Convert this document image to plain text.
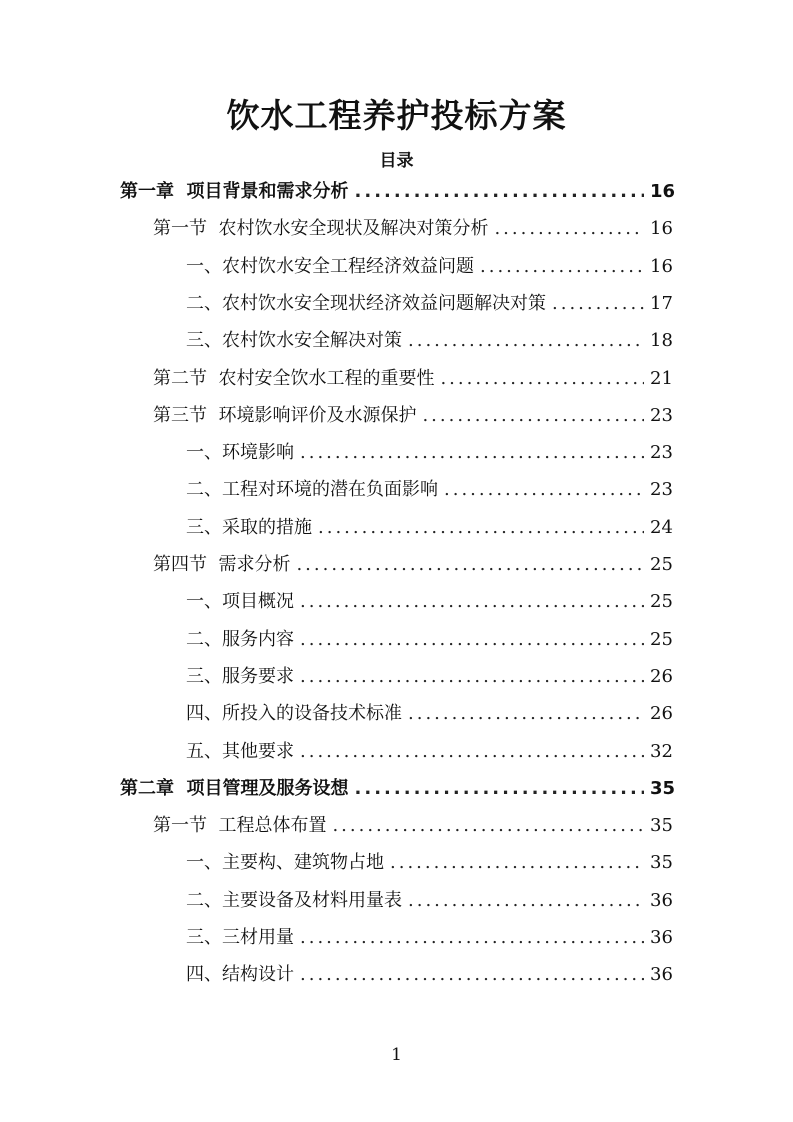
饮水工程养护投标方案
目录
第一章  项目背景和需求分析 .....	16
第一节  农村饮水安全现状及解决对策分析 .....	16
一、农村饮水安全工程经济效益问题 .....	16
二、农村饮水安全现状经济效益问题解决对策 .....	17
三、农村饮水安全解决对策 .....	18
第二节  农村安全饮水工程的重要性 .....	21
第三节  环境影响评价及水源保护 .....	23
一、环境影响 .....	23
二、工程对环境的潜在负面影响 .....	23
三、采取的措施 .....	24
第四节  需求分析 .....	25
一、项目概况 .....	25
二、服务内容 .....	25
三、服务要求 .....	26
四、所投入的设备技术标准 .....	26
五、其他要求 .....	32
第二章  项目管理及服务设想 .....	35
第一节  工程总体布置 .....	35
一、主要构、建筑物占地 .....	35
二、主要设备及材料用量表 .....	36
三、三材用量 .....	36
四、结构设计 .....	36
1
